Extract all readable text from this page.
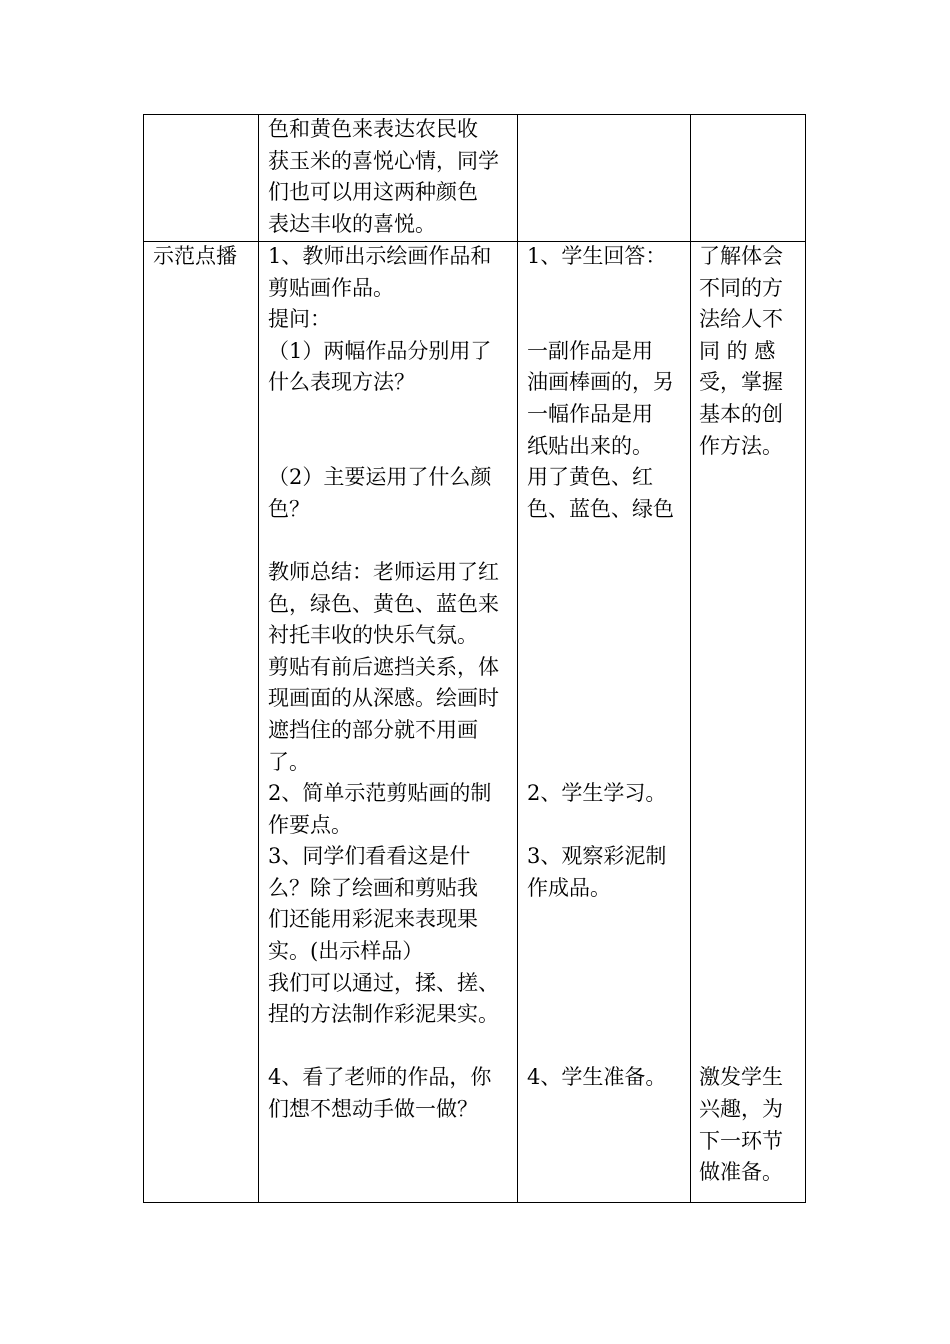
色和黄色来表达农民收
获玉米的喜悦心情，同学
们也可以用这两种颜色
表达丰收的喜悦。
示范点播	1、教师出示绘画作品和
剪贴画作品。
提问：
（1）两幅作品分别用了
什么表现方法？
（2）主要运用了什么颜
色？
教师总结：老师运用了红
色，绿色、黄色、蓝色来
衬托丰收的快乐气氛。
剪贴有前后遮挡关系，体
现画面的从深感。绘画时
遮挡住的部分就不用画
了。
2、简单示范剪贴画的制
作要点。
3、同学们看看这是什
么？除了绘画和剪贴我
们还能用彩泥来表现果
实。(出示样品）
我们可以通过，揉、搓、
捏的方法制作彩泥果实。
4、看了老师的作品，你
们想不想动手做一做？
1、学生回答：
一副作品是用
油画棒画的，另
一幅作品是用
纸贴出来的。
用了黄色、红
色、蓝色、绿色
2、学生学习。
3、观察彩泥制
作成品。
4、学生准备。
了解体会
不同的方
法给人不
同 的 感
受，掌握
基本的创
作方法。
激发学生
兴趣，为
下一环节
做准备。
